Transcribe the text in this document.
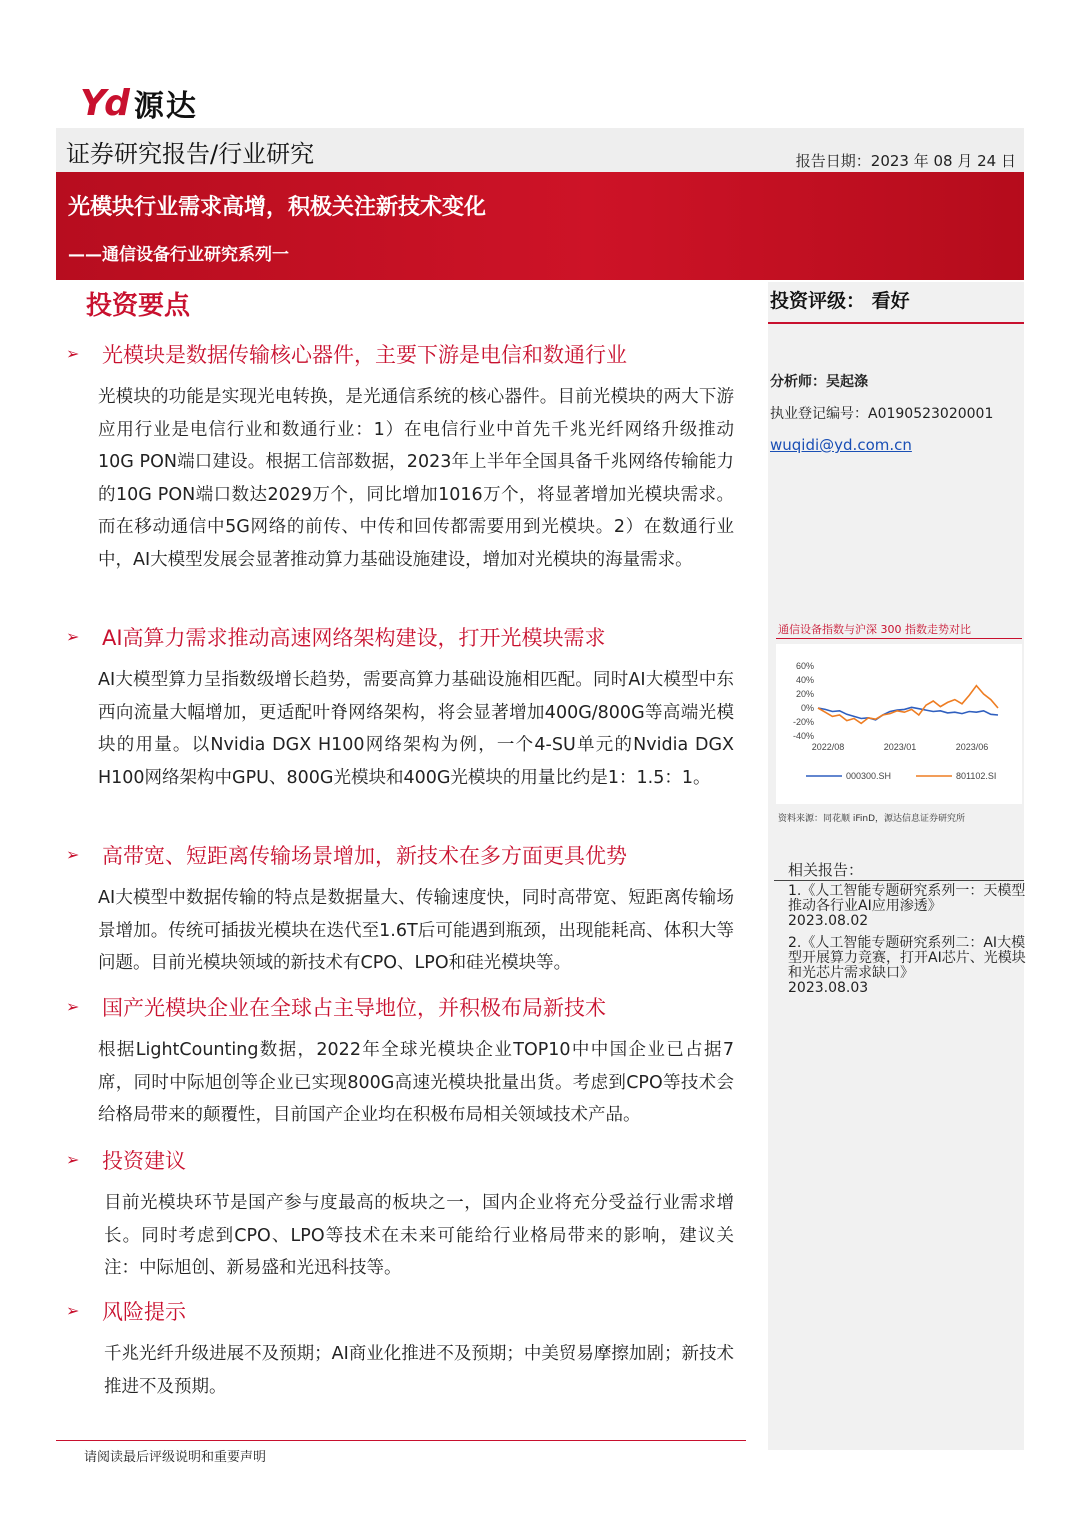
Yd 源达
证券研究报告/行业研究	报告日期：2023 年 08 月 24 日
光模块行业需求高增，积极关注新技术变化
——通信设备行业研究系列一
投资评级： 看好
分析师：吴起涤
执业登记编号：A0190523020001
wuqidi@yd.com.cn
通信设备指数与沪深 300 指数走势对比
60%
40%
20%
0%
-20%
-40%
2022/08	2023/01	2023/06
000300.SH	801102.SI
资料来源：同花顺 iFinD，源达信息证券研究所
相关报告：
1.《人工智能专题研究系列一：天模型推动各行业AI应用渗透》
2023.08.02
2.《人工智能专题研究系列二：AI大模型开展算力竞赛，打开AI芯片、光模块和光芯片需求缺口》
2023.08.03
投资要点
➢ 光模块是数据传输核心器件，主要下游是电信和数通行业
光模块的功能是实现光电转换，是光通信系统的核心器件。目前光模块的两大下游应用行业是电信行业和数通行业：1）在电信行业中首先千兆光纤网络升级推动10G PON端口建设。根据工信部数据，2023年上半年全国具备千兆网络传输能力的10G PON端口数达2029万个，同比增加1016万个，将显著增加光模块需求。而在移动通信中5G网络的前传、中传和回传都需要用到光模块。2）在数通行业中，AI大模型发展会显著推动算力基础设施建设，增加对光模块的海量需求。
➢ AI高算力需求推动高速网络架构建设，打开光模块需求
AI大模型算力呈指数级增长趋势，需要高算力基础设施相匹配。同时AI大模型中东西向流量大幅增加，更适配叶脊网络架构，将会显著增加400G/800G等高端光模块的用量。以Nvidia DGX H100网络架构为例，一个4-SU单元的Nvidia DGX H100网络架构中GPU、800G光模块和400G光模块的用量比约是1：1.5：1。
➢ 高带宽、短距离传输场景增加，新技术在多方面更具优势
AI大模型中数据传输的特点是数据量大、传输速度快，同时高带宽、短距离传输场景增加。传统可插拔光模块在迭代至1.6T后可能遇到瓶颈，出现能耗高、体积大等问题。目前光模块领域的新技术有CPO、LPO和硅光模块等。
➢ 国产光模块企业在全球占主导地位，并积极布局新技术
根据LightCounting数据，2022年全球光模块企业TOP10中中国企业已占据7席，同时中际旭创等企业已实现800G高速光模块批量出货。考虑到CPO等技术会给格局带来的颠覆性，目前国产企业均在积极布局相关领域技术产品。
➢ 投资建议
目前光模块环节是国产参与度最高的板块之一，国内企业将充分受益行业需求增长。同时考虑到CPO、LPO等技术在未来可能给行业格局带来的影响，建议关注：中际旭创、新易盛和光迅科技等。
➢ 风险提示
千兆光纤升级进展不及预期；AI商业化推进不及预期；中美贸易摩擦加剧；新技术推进不及预期。
请阅读最后评级说明和重要声明
